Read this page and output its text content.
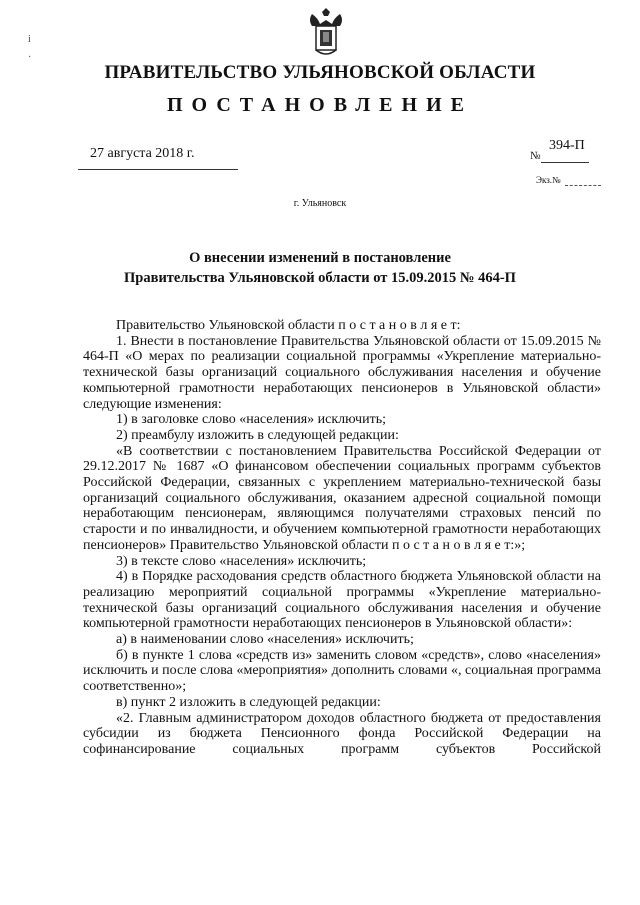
i
·
ПРАВИТЕЛЬСТВО УЛЬЯНОВСКОЙ ОБЛАСТИ
ПОСТАНОВЛЕНИЕ
27 августа 2018 г.	№
394-П
Экз.№
г. Ульяновск
О внесении изменений в постановление
Правительства Ульяновской области от 15.09.2015 № 464-П

Правительство Ульяновской области п о с т а н о в л я е т:

1. Внести в постановление Правительства Ульяновской области от 15.09.2015 № 464-П «О мерах по реализации социальной программы «Укрепление материально-технической базы организаций социального обслуживания населения и обучение компьютерной грамотности неработающих пенсионеров в Ульяновской области» следующие изменения:

1) в заголовке слово «населения» исключить;

2) преамбулу изложить в следующей редакции:

«В соответствии с постановлением Правительства Российской Федерации от 29.12.2017 № 1687 «О финансовом обеспечении социальных программ субъектов Российской Федерации, связанных с укреплением материально-технической базы организаций социального обслуживания, оказанием адресной социальной помощи неработающим пенсионерам, являющимся получателями страховых пенсий по старости и по инвалидности, и обучением компьютерной грамотности неработающих пенсионеров» Правительство Ульяновской области п о с т а н о в л я е т:»;

3) в тексте слово «населения» исключить;

4) в Порядке расходования средств областного бюджета Ульяновской области на реализацию мероприятий социальной программы «Укрепление материально-технической базы организаций социального обслуживания населения и обучение компьютерной грамотности неработающих пенсионеров в Ульяновской области»:

а) в наименовании слово «населения» исключить;

б) в пункте 1 слова «средств из» заменить словом «средств», слово «населения» исключить и после слова «мероприятия» дополнить словами «, социальная программа соответственно»;

в) пункт 2 изложить в следующей редакции:

«2. Главным администратором доходов областного бюджета от предоставления субсидии из бюджета Пенсионного фонда Российской Федерации на софинансирование социальных программ субъектов Российской
